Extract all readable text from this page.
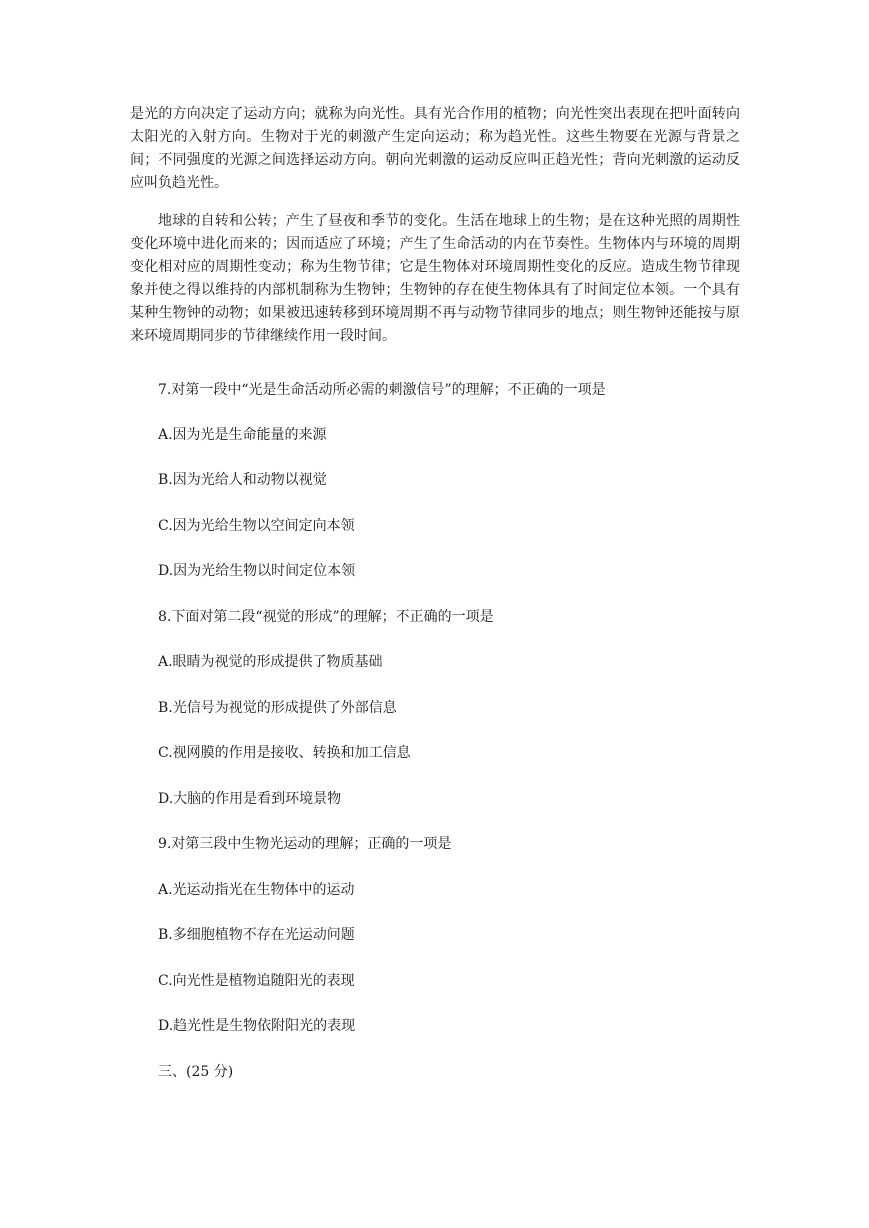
是光的方向决定了运动方向；就称为向光性。具有光合作用的植物；向光性突出表现在把叶面转向太阳光的入射方向。生物对于光的刺激产生定向运动；称为趋光性。这些生物要在光源与背景之间；不同强度的光源之间选择运动方向。朝向光刺激的运动反应叫正趋光性；背向光刺激的运动反应叫负趋光性。

地球的自转和公转；产生了昼夜和季节的变化。生活在地球上的生物；是在这种光照的周期性变化环境中进化而来的；因而适应了环境；产生了生命活动的内在节奏性。生物体内与环境的周期变化相对应的周期性变动；称为生物节律；它是生物体对环境周期性变化的反应。造成生物节律现象并使之得以维持的内部机制称为生物钟；生物钟的存在使生物体具有了时间定位本领。一个具有某种生物钟的动物；如果被迅速转移到环境周期不再与动物节律同步的地点；则生物钟还能按与原来环境周期同步的节律继续作用一段时间。

7.对第一段中“光是生命活动所必需的刺激信号”的理解；不正确的一项是

A.因为光是生命能量的来源

B.因为光给人和动物以视觉

C.因为光给生物以空间定向本领

D.因为光给生物以时间定位本领

8.下面对第二段“视觉的形成”的理解；不正确的一项是

A.眼睛为视觉的形成提供了物质基础

B.光信号为视觉的形成提供了外部信息

C.视网膜的作用是接收、转换和加工信息

D.大脑的作用是看到环境景物

9.对第三段中生物光运动的理解；正确的一项是

A.光运动指光在生物体中的运动

B.多细胞植物不存在光运动问题

C.向光性是植物追随阳光的表现

D.趋光性是生物依附阳光的表现

三、(25 分)
